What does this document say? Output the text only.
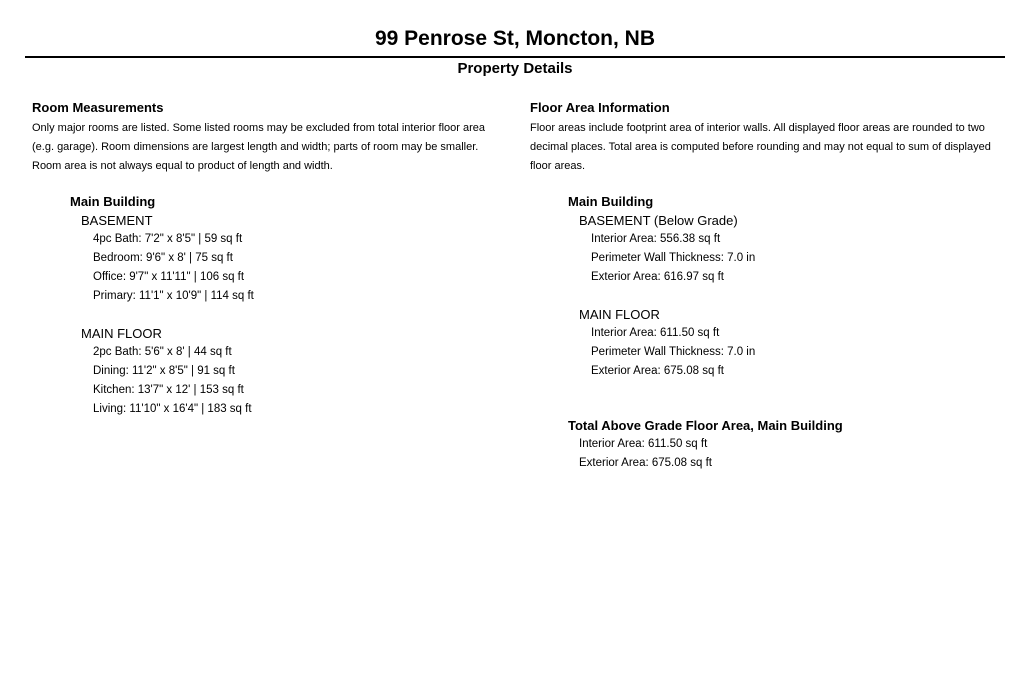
99 Penrose St, Moncton, NB
Property Details
Room Measurements

Only major rooms are listed. Some listed rooms may be excluded from total interior floor area (e.g. garage). Room dimensions are largest length and width; parts of room may be smaller. Room area is not always equal to product of length and width.

Main Building
BASEMENT
4pc Bath: 7'2" x 8'5" | 59 sq ft
Bedroom: 9'6" x 8' | 75 sq ft
Office: 9'7" x 11'11" | 106 sq ft
Primary: 11'1" x 10'9" | 114 sq ft
MAIN FLOOR
2pc Bath: 5'6" x 8' | 44 sq ft
Dining: 11'2" x 8'5" | 91 sq ft
Kitchen: 13'7" x 12' | 153 sq ft
Living: 11'10" x 16'4" | 183 sq ft
Floor Area Information

Floor areas include footprint area of interior walls. All displayed floor areas are rounded to two decimal places. Total area is computed before rounding and may not equal to sum of displayed floor areas.

Main Building
BASEMENT (Below Grade)
Interior Area: 556.38 sq ft
Perimeter Wall Thickness: 7.0 in
Exterior Area: 616.97 sq ft
MAIN FLOOR
Interior Area: 611.50 sq ft
Perimeter Wall Thickness: 7.0 in
Exterior Area: 675.08 sq ft
Total Above Grade Floor Area, Main Building
Interior Area: 611.50 sq ft
Exterior Area: 675.08 sq ft
